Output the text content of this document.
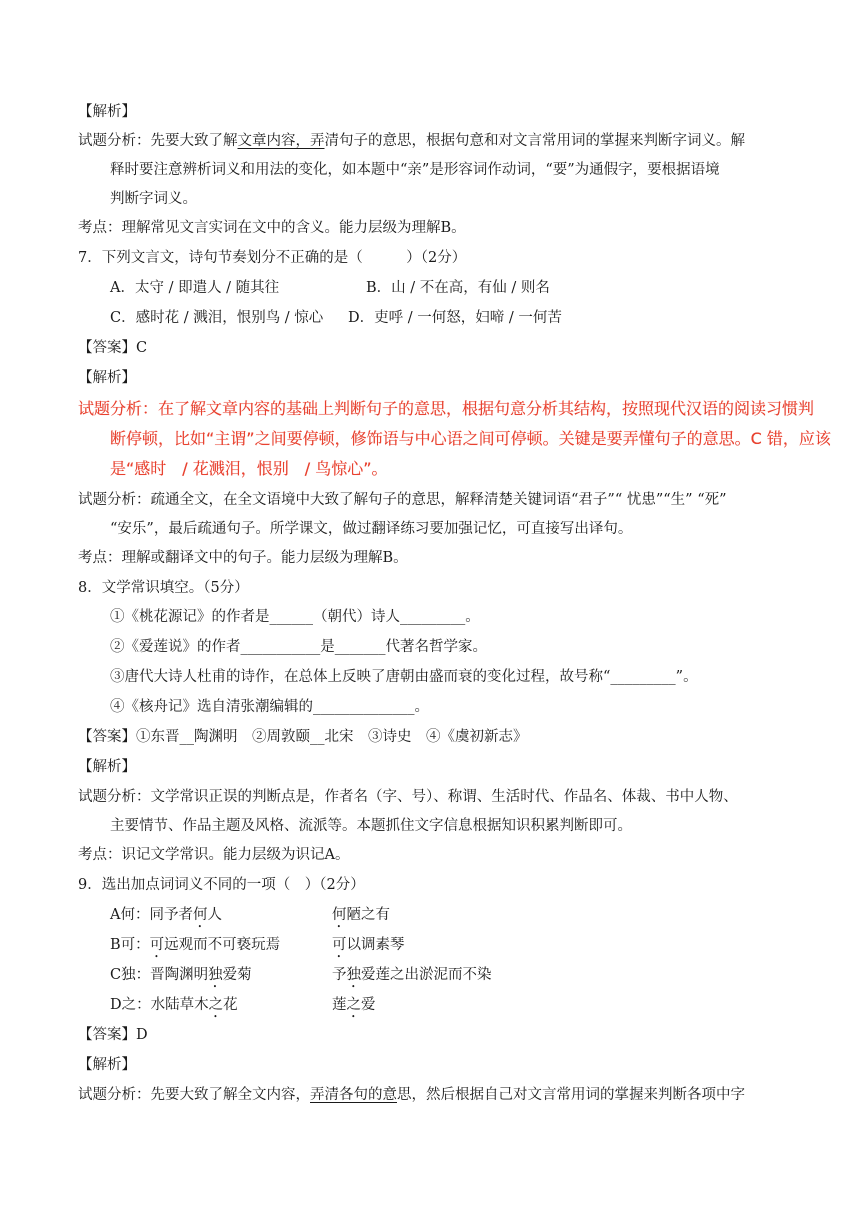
【解析】
试题分析：先要大致了解文章内容，弄清句子的意思，根据句意和对文言常用词的掌握来判断字词义。解
释时要注意辨析词义和用法的变化，如本题中“亲”是形容词作动词，“要”为通假字，要根据语境
判断字词义。
考点：理解常见文言实词在文中的含义。能力层级为理解B。
7．下列文言文，诗句节奏划分不正确的是（　　　）（2分）
A．太守 / 即遣人 / 随其往	B．山 / 不在高，有仙 / 则名
C．感时花 / 溅泪，恨别鸟 / 惊心 D．吏呼 / 一何怒，妇啼 / 一何苦
【答案】C
【解析】
试题分析：在了解文章内容的基础上判断句子的意思，根据句意分析其结构，按照现代汉语的阅读习惯判
断停顿，比如“主谓”之间要停顿，修饰语与中心语之间可停顿。关键是要弄懂句子的意思。C 错，应该
是“感时　/ 花溅泪，恨别　/ 鸟惊心”。
试题分析：疏通全文，在全文语境中大致了解句子的意思，解释清楚关键词语“君子”“ 忧患”“生” “死”
“安乐”，最后疏通句子。所学课文，做过翻译练习要加强记忆，可直接写出译句。
考点：理解或翻译文中的句子。能力层级为理解B。
8．文学常识填空。（5分）
①《桃花源记》的作者是______（朝代）诗人_________。
②《爱莲说》的作者___________是_______代著名哲学家。
③唐代大诗人杜甫的诗作，在总体上反映了唐朝由盛而衰的变化过程，故号称“_________”。
④《核舟记》选自清张潮编辑的______________。
【答案】①东晋__陶渊明　②周敦颐__北宋　③诗史　④《虞初新志》
【解析】
试题分析：文学常识正误的判断点是，作者名（字、号）、称谓、生活时代、作品名、体裁、书中人物、
主要情节、作品主题及风格、流派等。本题抓住文字信息根据知识积累判断即可。
考点：识记文学常识。能力层级为识记A。
9．选出加点词词义不同的一项（　）（2分）
A何：同予者何人	何陋之有
B可：可远观而不可亵玩焉	可以调素琴
C独：晋陶渊明独爱菊	予独爱莲之出淤泥而不染
D之：水陆草木之花	莲之爱
【答案】D
【解析】
试题分析：先要大致了解全文内容，弄清各句的意思，然后根据自己对文言常用词的掌握来判断各项中字
